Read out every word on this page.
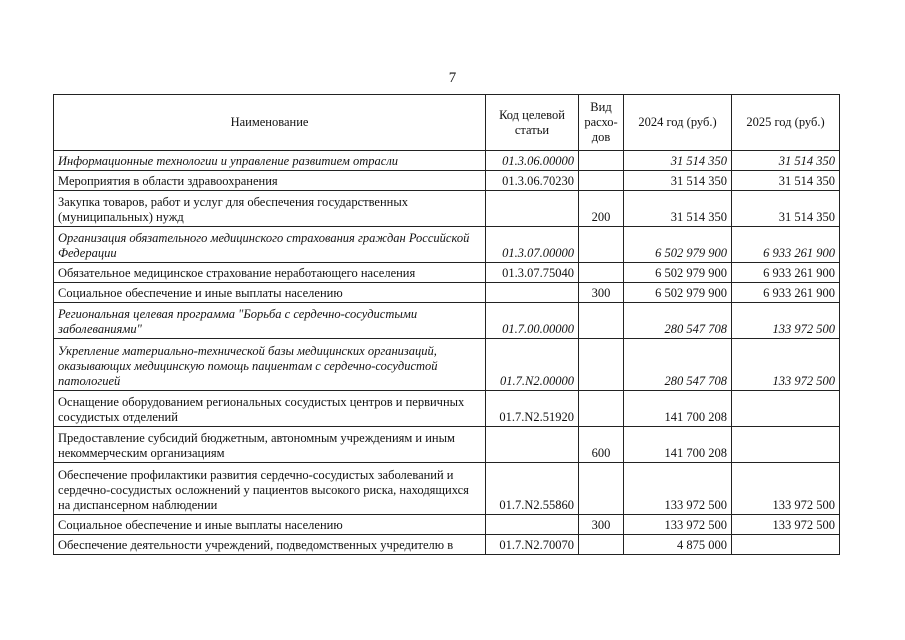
7
Наименование	Код целевой статьи	Вид расхо-дов	2024 год (руб.)	2025 год (руб.)
Информационные технологии и управление развитием отрасли	01.3.06.00000		31 514 350	31 514 350
Мероприятия в области здравоохранения	01.3.06.70230		31 514 350	31 514 350
Закупка товаров, работ и услуг для обеспечения государственных (муниципальных) нужд		200	31 514 350	31 514 350
Организация обязательного медицинского страхования граждан Российской Федерации	01.3.07.00000		6 502 979 900	6 933 261 900
Обязательное медицинское страхование неработающего населения	01.3.07.75040		6 502 979 900	6 933 261 900
Социальное обеспечение и иные выплаты населению		300	6 502 979 900	6 933 261 900
Региональная целевая программа "Борьба с сердечно-сосудистыми заболеваниями"	01.7.00.00000		280 547 708	133 972 500
Укрепление материально-технической базы медицинских организаций, оказывающих медицинскую помощь пациентам с сердечно-сосудистой патологией	01.7.N2.00000		280 547 708	133 972 500
Оснащение оборудованием региональных сосудистых центров и первичных сосудистых отделений	01.7.N2.51920		141 700 208	
Предоставление субсидий бюджетным, автономным учреждениям и иным некоммерческим организациям		600	141 700 208	
Обеспечение профилактики развития сердечно-сосудистых заболеваний и сердечно-сосудистых осложнений у пациентов высокого риска, находящихся на диспансерном наблюдении	01.7.N2.55860		133 972 500	133 972 500
Социальное обеспечение и иные выплаты населению		300	133 972 500	133 972 500
Обеспечение деятельности учреждений, подведомственных учредителю в	01.7.N2.70070		4 875 000	
